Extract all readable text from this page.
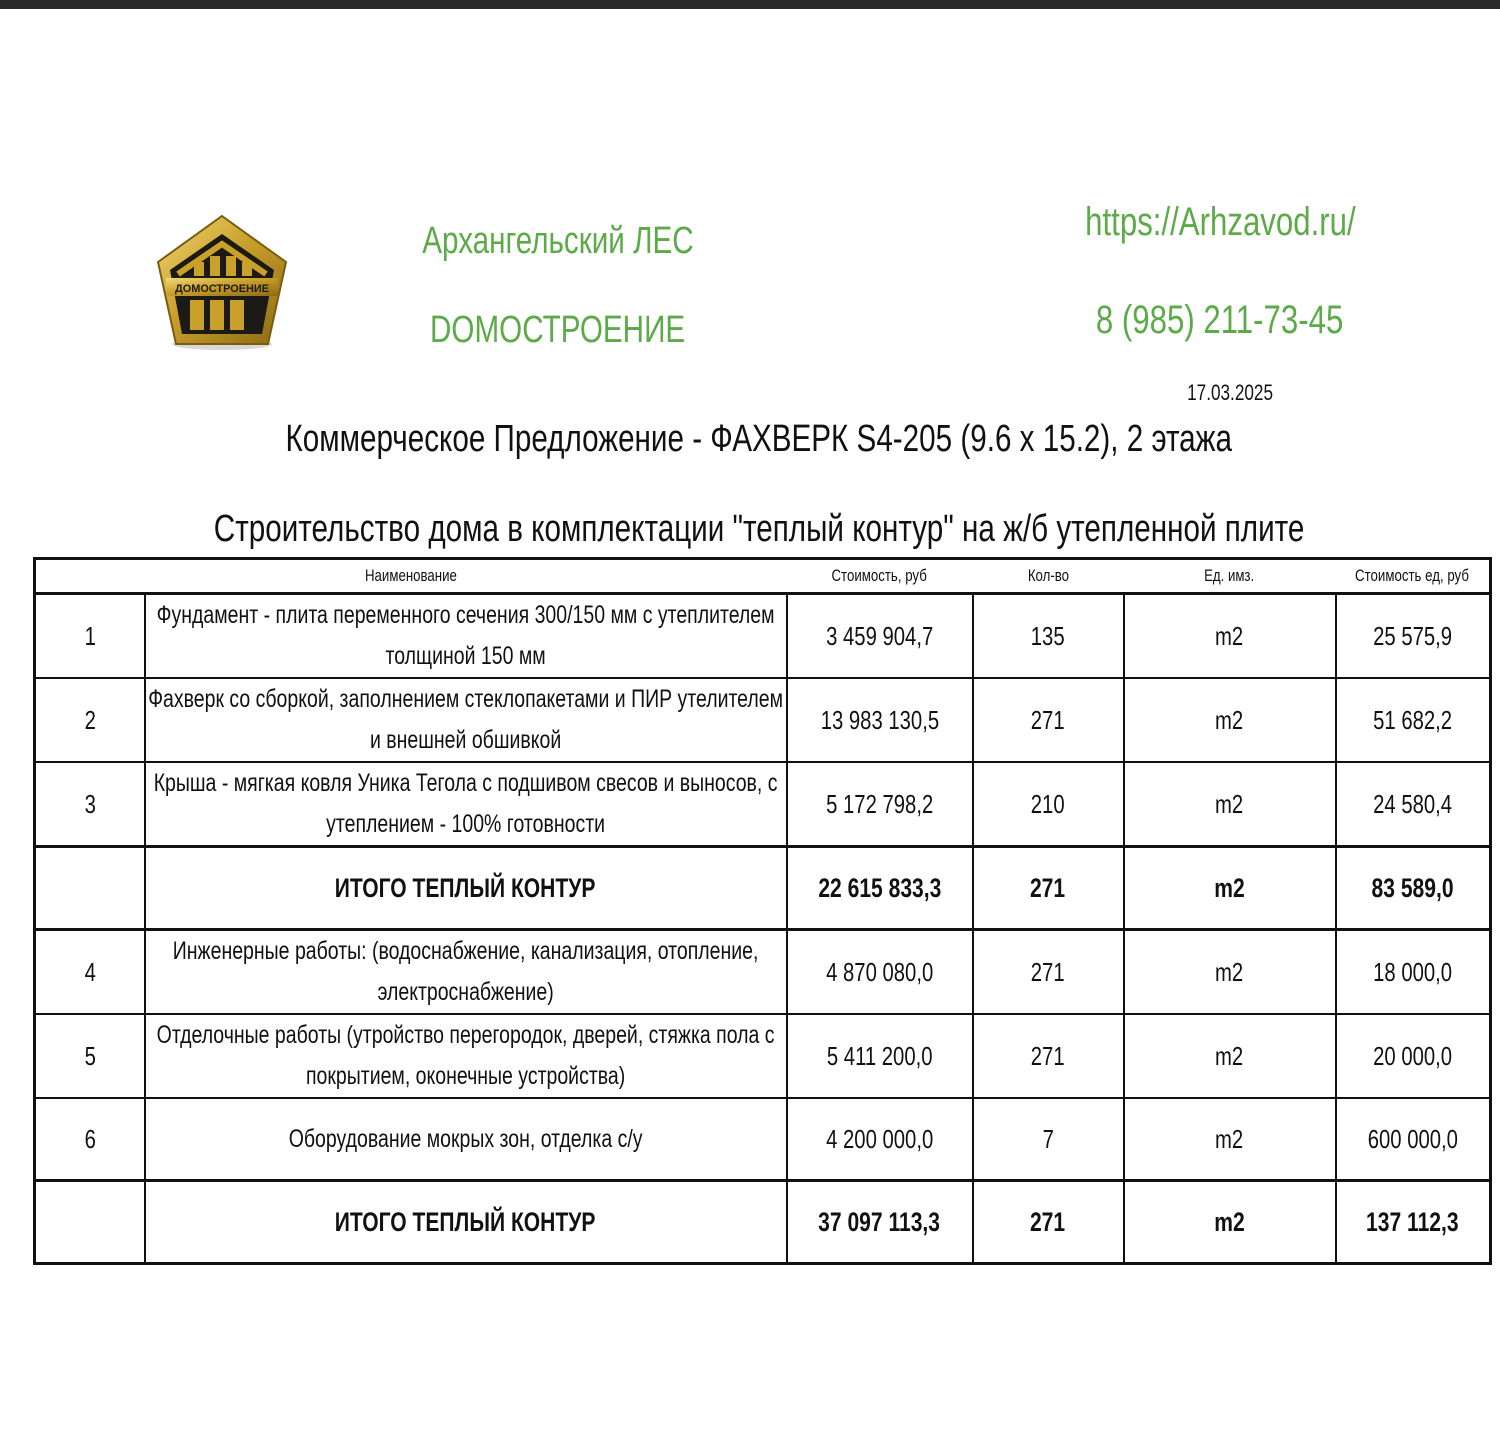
ДОМОСТРОЕНИЕ
Архангельский ЛЕС
DОМОСТРОЕНИЕ
https://Arhzavod.ru/
8 (985) 211-73-45
17.03.2025
Коммерческое Предложение - ФАХВЕРК S4-205 (9.6 х 15.2), 2 этажа
Строительство дома в комплектации "теплый контур" на ж/б утепленной плите
Наименование		Стоимость, руб	Кол-во	Ед. имз.	Стоимость ед, руб
1	Фундамент - плита переменного сечения 300/150 мм с утеплителем толщиной 150 мм	3 459 904,7	135	m2	25 575,9
2	Фахверк со сборкой, заполнением стеклопакетами и ПИР утелителем и внешней обшивкой	13 983 130,5	271	m2	51 682,2
3	Крыша - мягкая ковля Уника Тегола с подшивом свесов и выносов, с утеплением - 100% готовности	5 172 798,2	210	m2	24 580,4
	ИТОГО ТЕПЛЫЙ КОНТУР	22 615 833,3	271	m2	83 589,0
4	Инженерные работы: (водоснабжение, канализация, отопление, электроснабжение)	4 870 080,0	271	m2	18 000,0
5	Отделочные работы (утройство перегородок, дверей, стяжка пола с покрытием, оконечные устройства)	5 411 200,0	271	m2	20 000,0
6	Оборудование мокрых зон, отделка с/у	4 200 000,0	7	m2	600 000,0
	ИТОГО ТЕПЛЫЙ КОНТУР	37 097 113,3	271	m2	137 112,3
